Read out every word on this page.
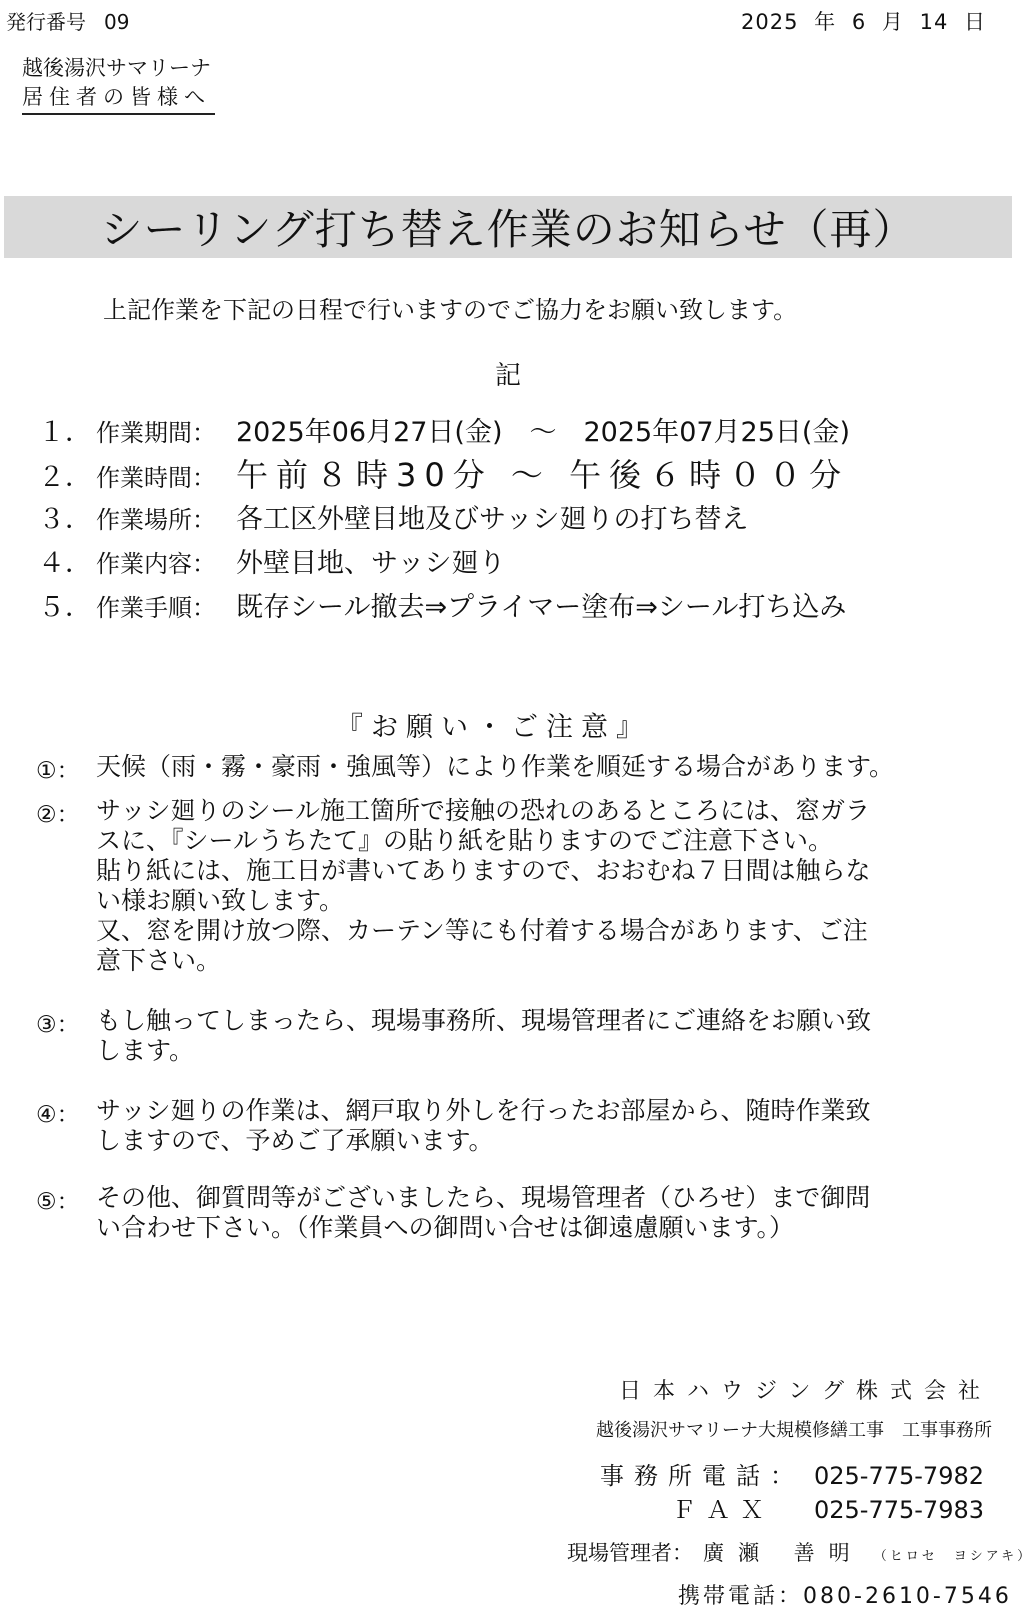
発行番号 09	2025 年 6 月 14 日
越後湯沢サマリーナ
居住者の皆様へ
シーリング打ち替え作業のお知らせ（再）
上記作業を下記の日程で行いますのでご協力をお願い致します。
記
１． 作業期間： 2025年06月27日(金)　～　2025年07月25日(金)
２． 作業時間： 午前８時30分 ～ 午後６時００分
３． 作業場所： 各工区外壁目地及びサッシ廻りの打ち替え
４． 作業内容： 外壁目地、サッシ廻り
５． 作業手順： 既存シール撤去⇒プライマー塗布⇒シール打ち込み
『お願い・ご注意』
①： 天候（雨・霧・豪雨・強風等）により作業を順延する場合があります。
②： サッシ廻りのシール施工箇所で接触の恐れのあるところには、窓ガラ
スに、『シールうちたて』の貼り紙を貼りますのでご注意下さい。
貼り紙には、施工日が書いてありますので、おおむね７日間は触らな
い様お願い致します。
又、窓を開け放つ際、カーテン等にも付着する場合があります、ご注
意下さい。
③： もし触ってしまったら、現場事務所、現場管理者にご連絡をお願い致
します。
④： サッシ廻りの作業は、網戸取り外しを行ったお部屋から、随時作業致
しますので、予めご了承願います。
⑤： その他、御質問等がございましたら、現場管理者（ひろせ）まで御問
い合わせ下さい。（作業員への御問い合せは御遠慮願います。）
日本ハウジング株式会社
越後湯沢サマリーナ大規模修繕工事　工事事務所
事務所電話： 025-775-7982
ＦＡＸ 025-775-7983
現場管理者： 廣瀬 善明 （ヒロセ　ヨシアキ）
携帯電話：080-2610-7546
